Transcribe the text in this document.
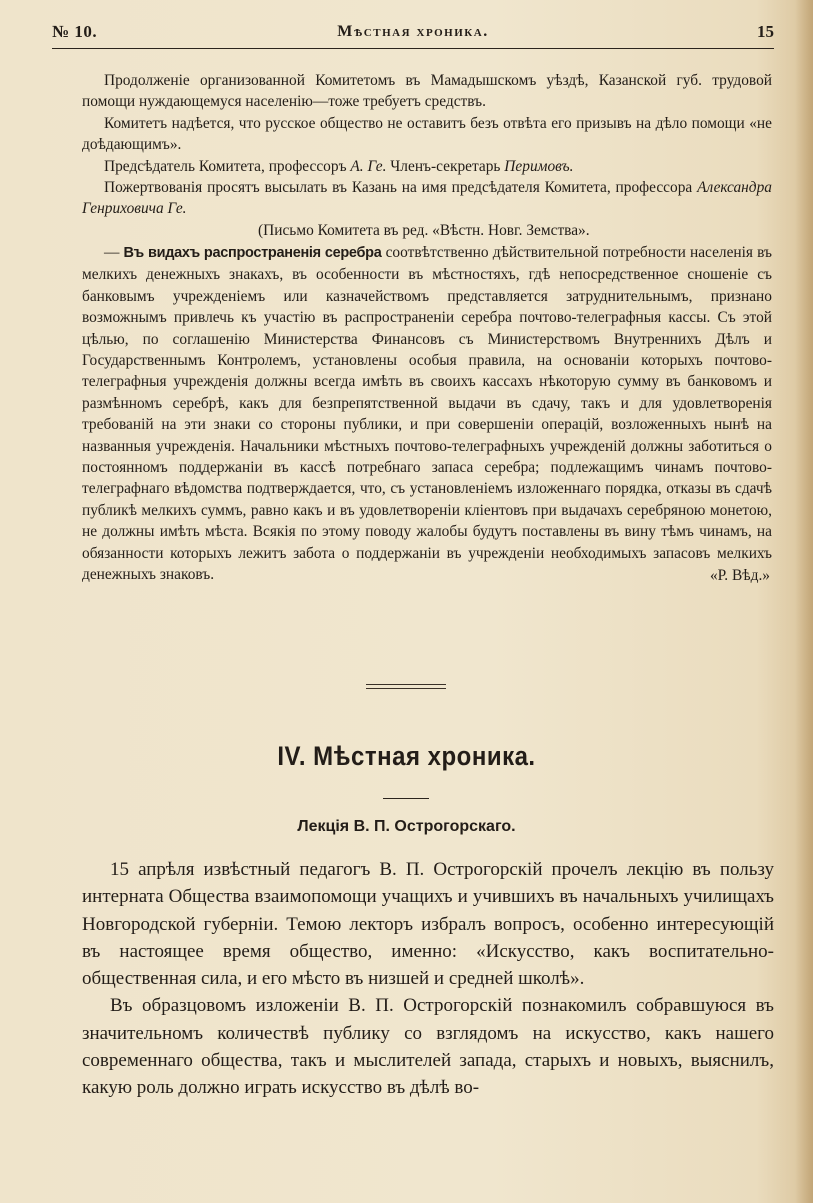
№ 10.	Мѣстная хроника.	15

Продолженіе организованной Комитетомъ въ Мамадышскомъ уѣздѣ, Казанской губ. трудовой помощи нуждающемуся населенію—тоже требуетъ средствъ.

Комитетъ надѣется, что русское общество не оставитъ безъ отвѣта его призывъ на дѣло помощи «не доѣдающимъ».

Предсѣдатель Комитета, профессоръ А. Ге. Членъ-секретарь Перимовъ.

Пожертвованія просятъ высылать въ Казань на имя предсѣдателя Комитета, профессора Александра Генриховича Ге.

(Письмо Комитета въ ред. «Вѣстн. Новг. Земства».

— Въ видахъ распространенія серебра соотвѣтственно дѣйствительной потребности населенія въ мелкихъ денежныхъ знакахъ, въ особенности въ мѣстностяхъ, гдѣ непосредственное сношеніе съ банковымъ учрежденіемъ или казначействомъ представляется затруднительнымъ, признано возможнымъ привлечь къ участію въ распространеніи серебра почтово-телеграфныя кассы. Съ этой цѣлью, по соглашенію Министерства Финансовъ съ Министерствомъ Внутреннихъ Дѣлъ и Государственнымъ Контролемъ, установлены особыя правила, на основаніи которыхъ почтово-телеграфныя учрежденія должны всегда имѣть въ своихъ кассахъ нѣкоторую сумму въ банковомъ и размѣнномъ серебрѣ, какъ для безпрепятственной выдачи въ сдачу, такъ и для удовлетворенія требованій на эти знаки со стороны публики, и при совершеніи операцій, возложенныхъ нынѣ на названныя учрежденія. Начальники мѣстныхъ почтово-телеграфныхъ учрежденій должны заботиться о постоянномъ поддержаніи въ кассѣ потребнаго запаса серебра; подлежащимъ чинамъ почтово-телеграфнаго вѣдомства подтверждается, что, съ установленіемъ изложеннаго порядка, отказы въ сдачѣ публикѣ мелкихъ суммъ, равно какъ и въ удовлетвореніи кліентовъ при выдачахъ серебряною монетою, не должны имѣть мѣста. Всякія по этому поводу жалобы будутъ поставлены въ вину тѣмъ чинамъ, на обязанности которыхъ лежитъ забота о поддержаніи въ учрежденіи необходимыхъ запасовъ мелкихъ денежныхъ знаковъ.	«Р. Вѣд.»

IV. Мѣстная хроника.
Лекція В. П. Острогорскаго.

15 апрѣля извѣстный педагогъ В. П. Острогорскій прочелъ лекцію въ пользу интерната Общества взаимопомощи учащихъ и учившихъ въ начальныхъ училищахъ Новгородской губерніи. Темою лекторъ избралъ вопросъ, особенно интересующій въ настоящее время общество, именно: «Искусство, какъ воспитательно-общественная сила, и его мѣсто въ низшей и средней школѣ».

Въ образцовомъ изложеніи В. П. Острогорскій познакомилъ собравшуюся въ значительномъ количествѣ публику со взглядомъ на искусство, какъ нашего современнаго общества, такъ и мыслителей запада, старыхъ и новыхъ, выяснилъ, какую роль должно играть искусство въ дѣлѣ во-
